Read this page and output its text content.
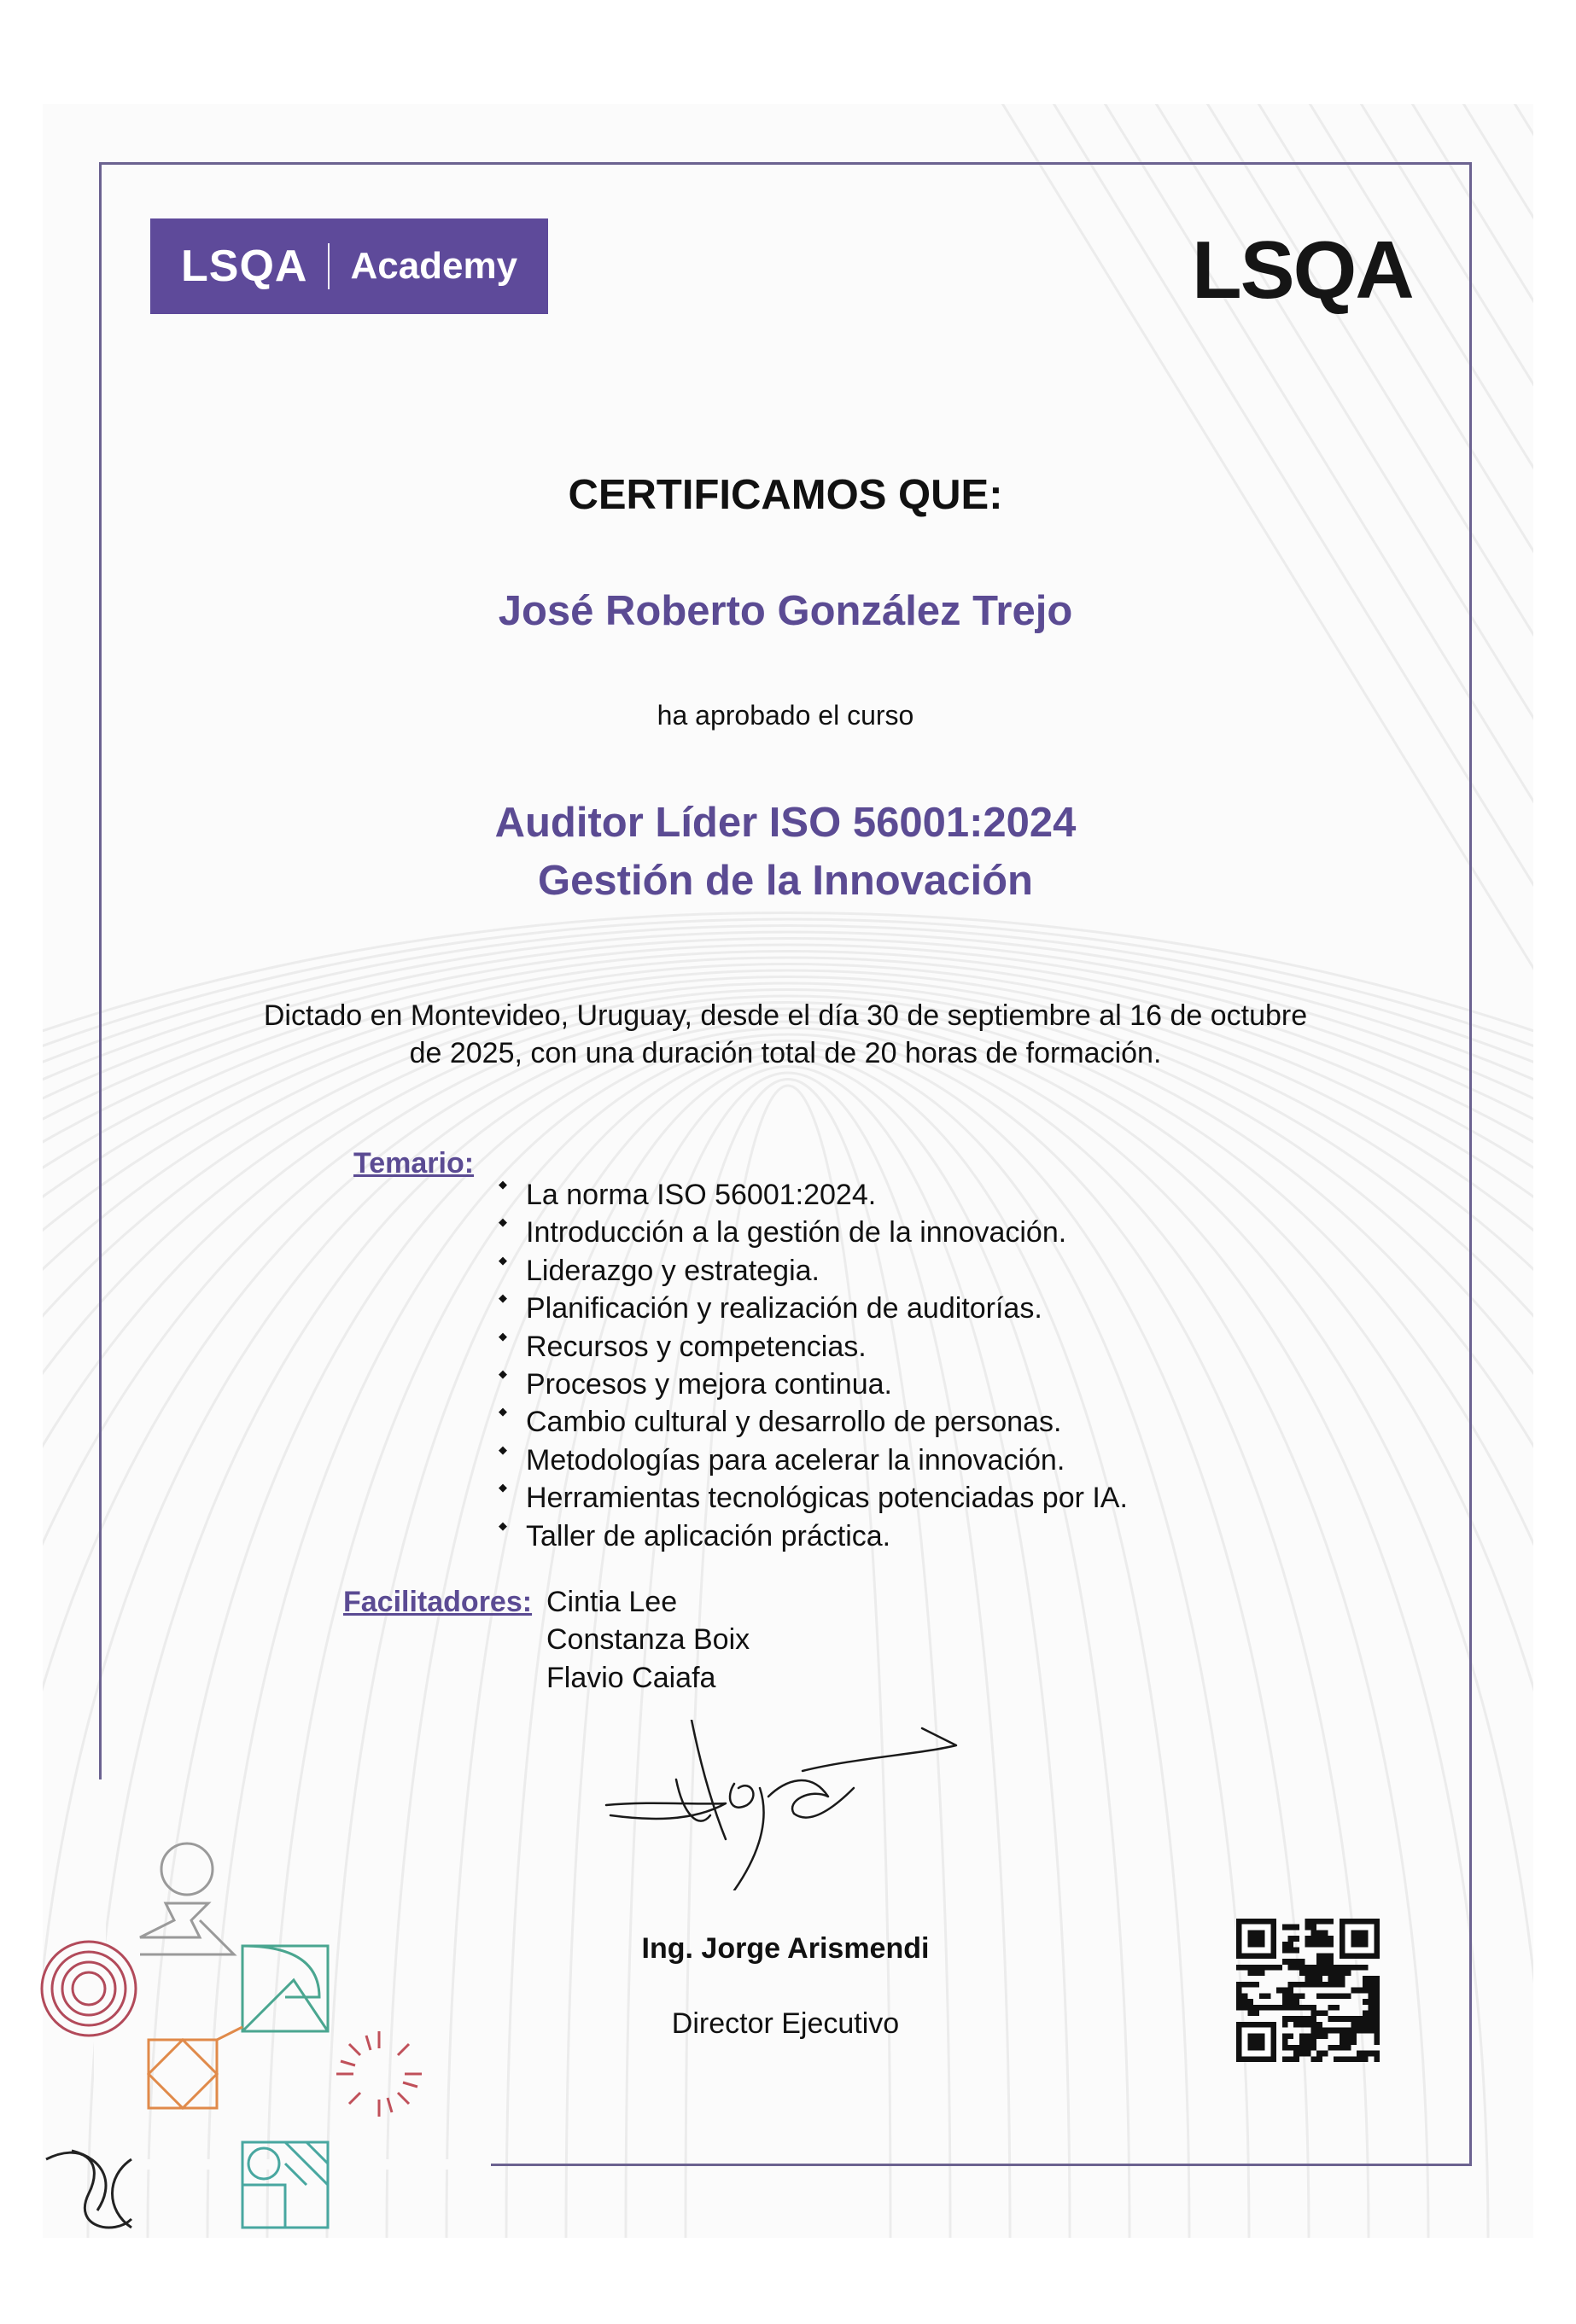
LSQA Academy	LSQA
CERTIFICAMOS QUE:
José Roberto González Trejo
ha aprobado el curso
Auditor Líder ISO 56001:2024
Gestión de la Innovación
Dictado en Montevideo, Uruguay, desde el día 30 de septiembre al 16 de octubre
de 2025, con una duración total de 20 horas de formación.
Temario:
◆ La norma ISO 56001:2024.
◆ Introducción a la gestión de la innovación.
◆ Liderazgo y estrategia.
◆ Planificación y realización de auditorías.
◆ Recursos y competencias.
◆ Procesos y mejora continua.
◆ Cambio cultural y desarrollo de personas.
◆ Metodologías para acelerar la innovación.
◆ Herramientas tecnológicas potenciadas por IA.
◆ Taller de aplicación práctica.
Facilitadores: Cintia Lee
Constanza Boix
Flavio Caiafa
Ing. Jorge Arismendi
Director Ejecutivo
